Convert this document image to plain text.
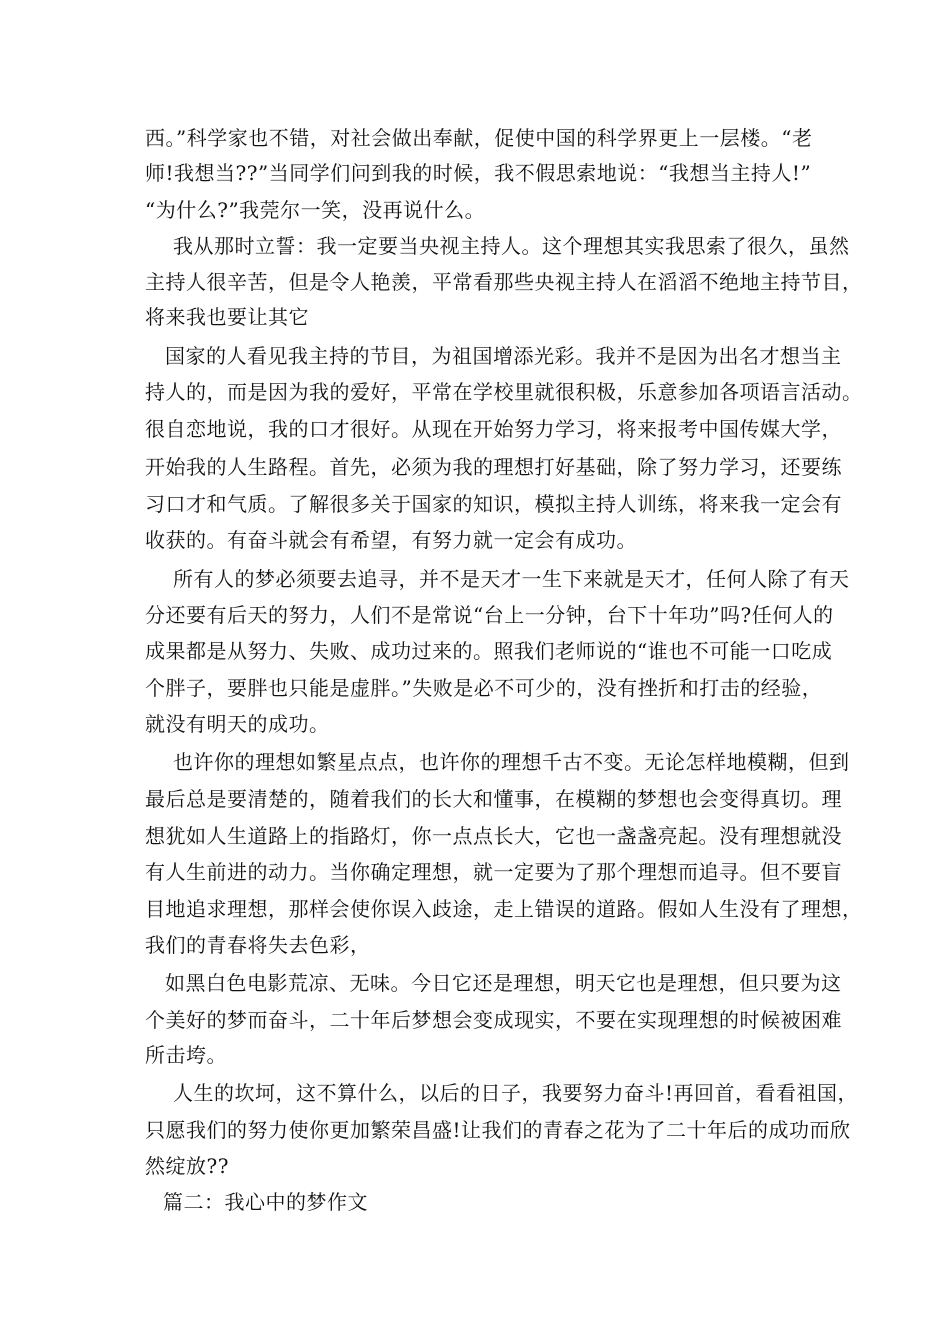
西。”科学家也不错，对社会做出奉献，促使中国的科学界更上一层楼。“老
师!我想当??”当同学们问到我的时候，我不假思索地说：“我想当主持人!”
“为什么?”我莞尔一笑，没再说什么。
我从那时立誓：我一定要当央视主持人。这个理想其实我思索了很久，虽然
主持人很辛苦，但是令人艳羡，平常看那些央视主持人在滔滔不绝地主持节目，
将来我也要让其它
国家的人看见我主持的节目，为祖国增添光彩。我并不是因为出名才想当主
持人的，而是因为我的爱好，平常在学校里就很积极，乐意参加各项语言活动。
很自恋地说，我的口才很好。从现在开始努力学习，将来报考中国传媒大学，
开始我的人生路程。首先，必须为我的理想打好基础，除了努力学习，还要练
习口才和气质。了解很多关于国家的知识，模拟主持人训练，将来我一定会有
收获的。有奋斗就会有希望，有努力就一定会有成功。
所有人的梦必须要去追寻，并不是天才一生下来就是天才，任何人除了有天
分还要有后天的努力，人们不是常说“台上一分钟，台下十年功”吗?任何人的
成果都是从努力、失败、成功过来的。照我们老师说的“谁也不可能一口吃成
个胖子，要胖也只能是虚胖。”失败是必不可少的，没有挫折和打击的经验，
就没有明天的成功。
也许你的理想如繁星点点，也许你的理想千古不变。无论怎样地模糊，但到
最后总是要清楚的，随着我们的长大和懂事，在模糊的梦想也会变得真切。理
想犹如人生道路上的指路灯，你一点点长大，它也一盏盏亮起。没有理想就没
有人生前进的动力。当你确定理想，就一定要为了那个理想而追寻。但不要盲
目地追求理想，那样会使你误入歧途，走上错误的道路。假如人生没有了理想，
我们的青春将失去色彩，
如黑白色电影荒凉、无味。今日它还是理想，明天它也是理想，但只要为这
个美好的梦而奋斗，二十年后梦想会变成现实，不要在实现理想的时候被困难
所击垮。
人生的坎坷，这不算什么，以后的日子，我要努力奋斗!再回首，看看祖国，
只愿我们的努力使你更加繁荣昌盛!让我们的青春之花为了二十年后的成功而欣
然绽放??
篇二：我心中的梦作文
